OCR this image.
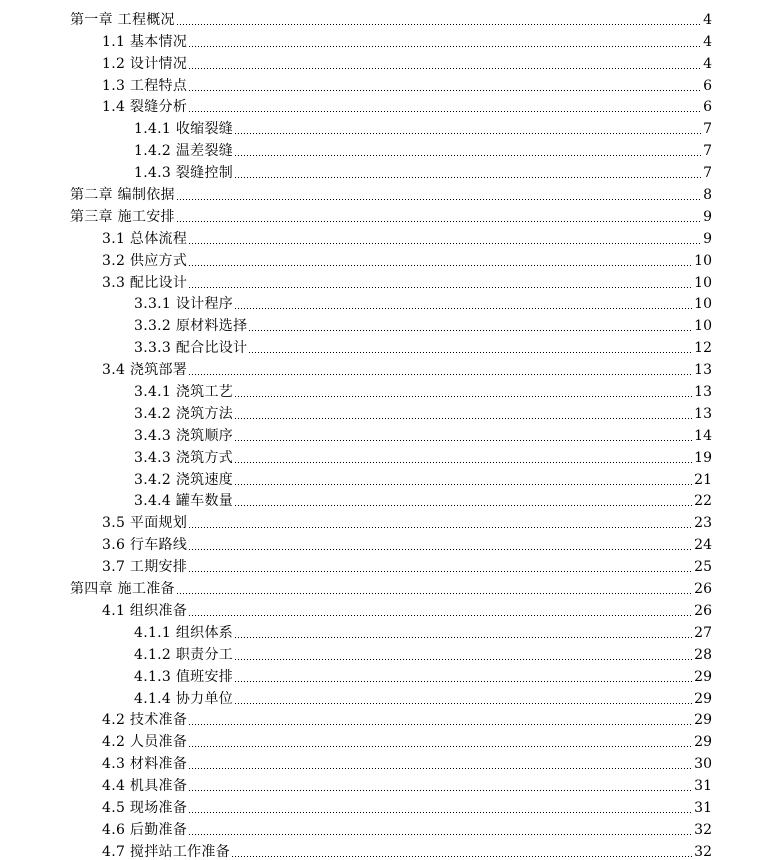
第一章 工程概况	4
1.1 基本情况	4
1.2 设计情况	4
1.3 工程特点	6
1.4 裂缝分析	6
1.4.1 收缩裂缝	7
1.4.2 温差裂缝	7
1.4.3 裂缝控制	7
第二章 编制依据	8
第三章 施工安排	9
3.1 总体流程	9
3.2 供应方式	10
3.3 配比设计	10
3.3.1 设计程序	10
3.3.2 原材料选择	10
3.3.3 配合比设计	12
3.4 浇筑部署	13
3.4.1 浇筑工艺	13
3.4.2 浇筑方法	13
3.4.3 浇筑顺序	14
3.4.3 浇筑方式	19
3.4.2 浇筑速度	21
3.4.4 罐车数量	22
3.5 平面规划	23
3.6 行车路线	24
3.7 工期安排	25
第四章 施工准备	26
4.1 组织准备	26
4.1.1 组织体系	27
4.1.2 职责分工	28
4.1.3 值班安排	29
4.1.4 协力单位	29
4.2 技术准备	29
4.2 人员准备	29
4.3 材料准备	30
4.4 机具准备	31
4.5 现场准备	31
4.6 后勤准备	32
4.7 搅拌站工作准备	32
